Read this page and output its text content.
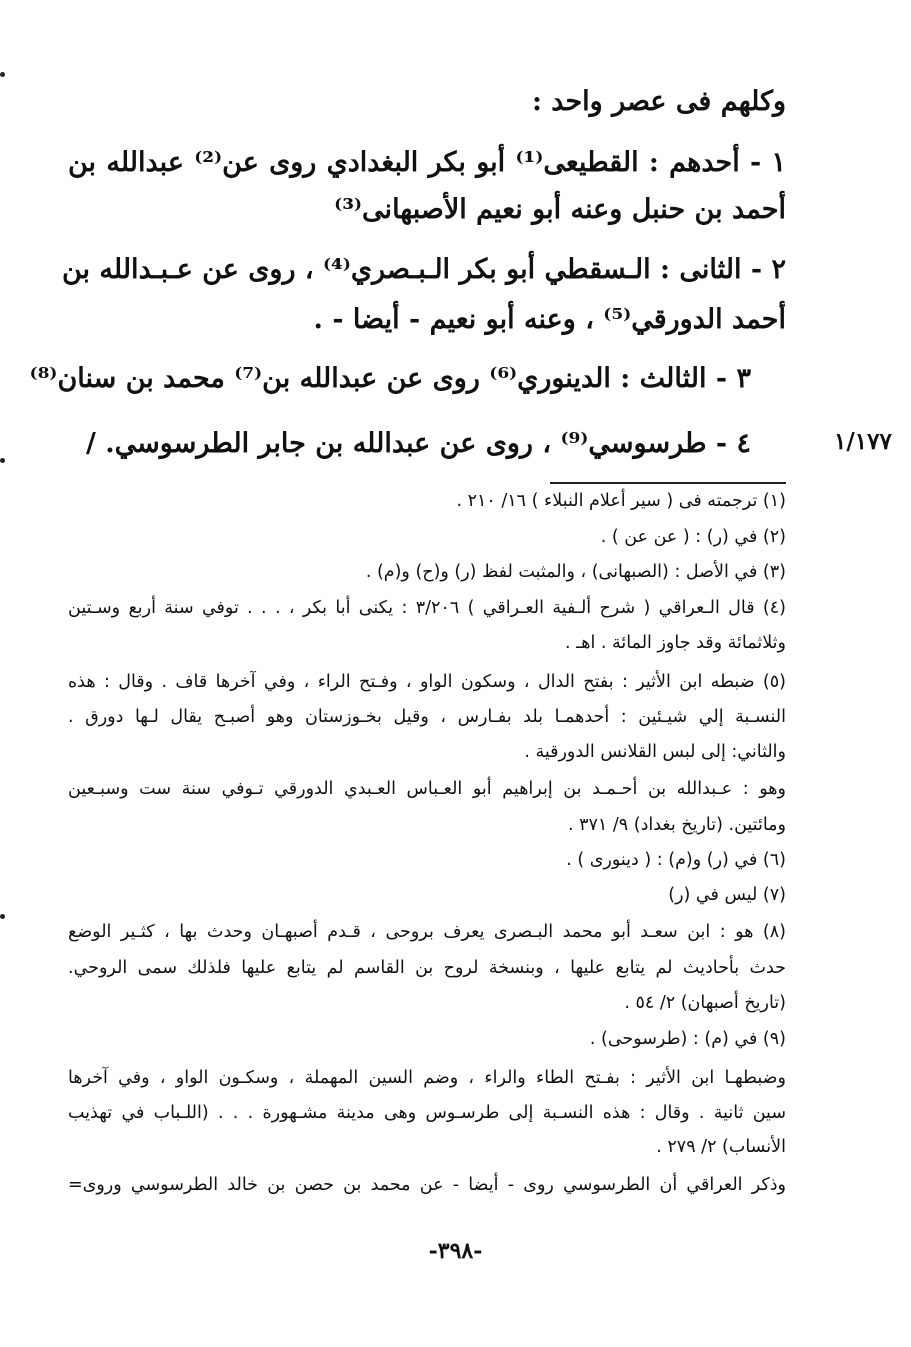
وكلهم فى عصر واحد :
١ - أحدهم : القطيعى⁽¹⁾ أبو بكر البغدادي روى عن⁽²⁾ عبدالله بن
أحمد بن حنبل وعنه أبو نعيم الأصبهانى⁽³⁾
٢ - الثانى : الـسقطي أبو بكر الـبـصري⁽⁴⁾ ، روى عن عـبـدالله بن
أحمد الدورقي⁽⁵⁾ ، وعنه أبو نعيم - أيضا - .
٣ - الثالث : الدينوري⁽⁶⁾ روى عن عبدالله بن⁽⁷⁾ محمد بن سنان⁽⁸⁾
٤ - طرسوسي⁽⁹⁾ ، روى عن عبدالله بن جابر الطرسوسي. /	١/١٧٧
(١) ترجمته فى ( سير أعلام النبلاء ) ١٦/ ٢١٠ .
(٢) في (ر) : ( عن عن ) .
(٣) في الأصل : (الصبهانى) ، والمثبت لفظ (ر) و(ح) و(م) .
(٤) قال الـعراقي ( شرح ألـفية العـراقي ) ٣/٢٠٦ : يكنى أبا بكر ، . . . توفي سنة أربع وسـتين
وثلاثمائة وقد جاوز المائة . اهـ .
(٥) ضبطه ابن الأثير : بفتح الدال ، وسكون الواو ، وفـتح الراء ، وفي آخرها قاف . وقال : هذه
النسـبة إلي شيـئين : أحدهمـا بلد بفـارس ، وقيل بخـوزستان وهو أصبـح يقال لـها دورق .
والثاني: إلى لبس القلانس الدورقية .
وهو : عـبدالله بن أحـمـد بن إبراهيم أبو العـباس العـبدي الدورقي تـوفي سنة ست وسبـعين
ومائتين. (تاريخ بغداد) ٩/ ٣٧١ .
(٦) في (ر) و(م) : ( دينورى ) .
(٧) ليس في (ر)
(٨) هو : ابن سعـد أبو محمد البـصرى يعرف بروحى ، قـدم أصبهـان وحدث بها ، كثـير الوضع
حدث بأحاديث لم يتابع عليها ، وبنسخة لروح بن القاسم لم يتابع عليها فلذلك سمى الروحي.
(تاريخ أصبهان) ٢/ ٥٤ .
(٩) في (م) : (طرسوحى) .
وضبطهـا ابن الأثير : بفـتح الطاء والراء ، وضم السين المهملة ، وسكـون الواو ، وفي آخرها
سين ثانية . وقال : هذه النسـبة إلى طرسـوس وهى مدينة مشـهورة . . . (اللـباب في تهذيب
الأنساب) ٢/ ٢٧٩ .
وذكر العراقي أن الطرسوسي روى - أيضا - عن محمد بن حصن بن خالد الطرسوسي وروى=
-٣٩٨-
